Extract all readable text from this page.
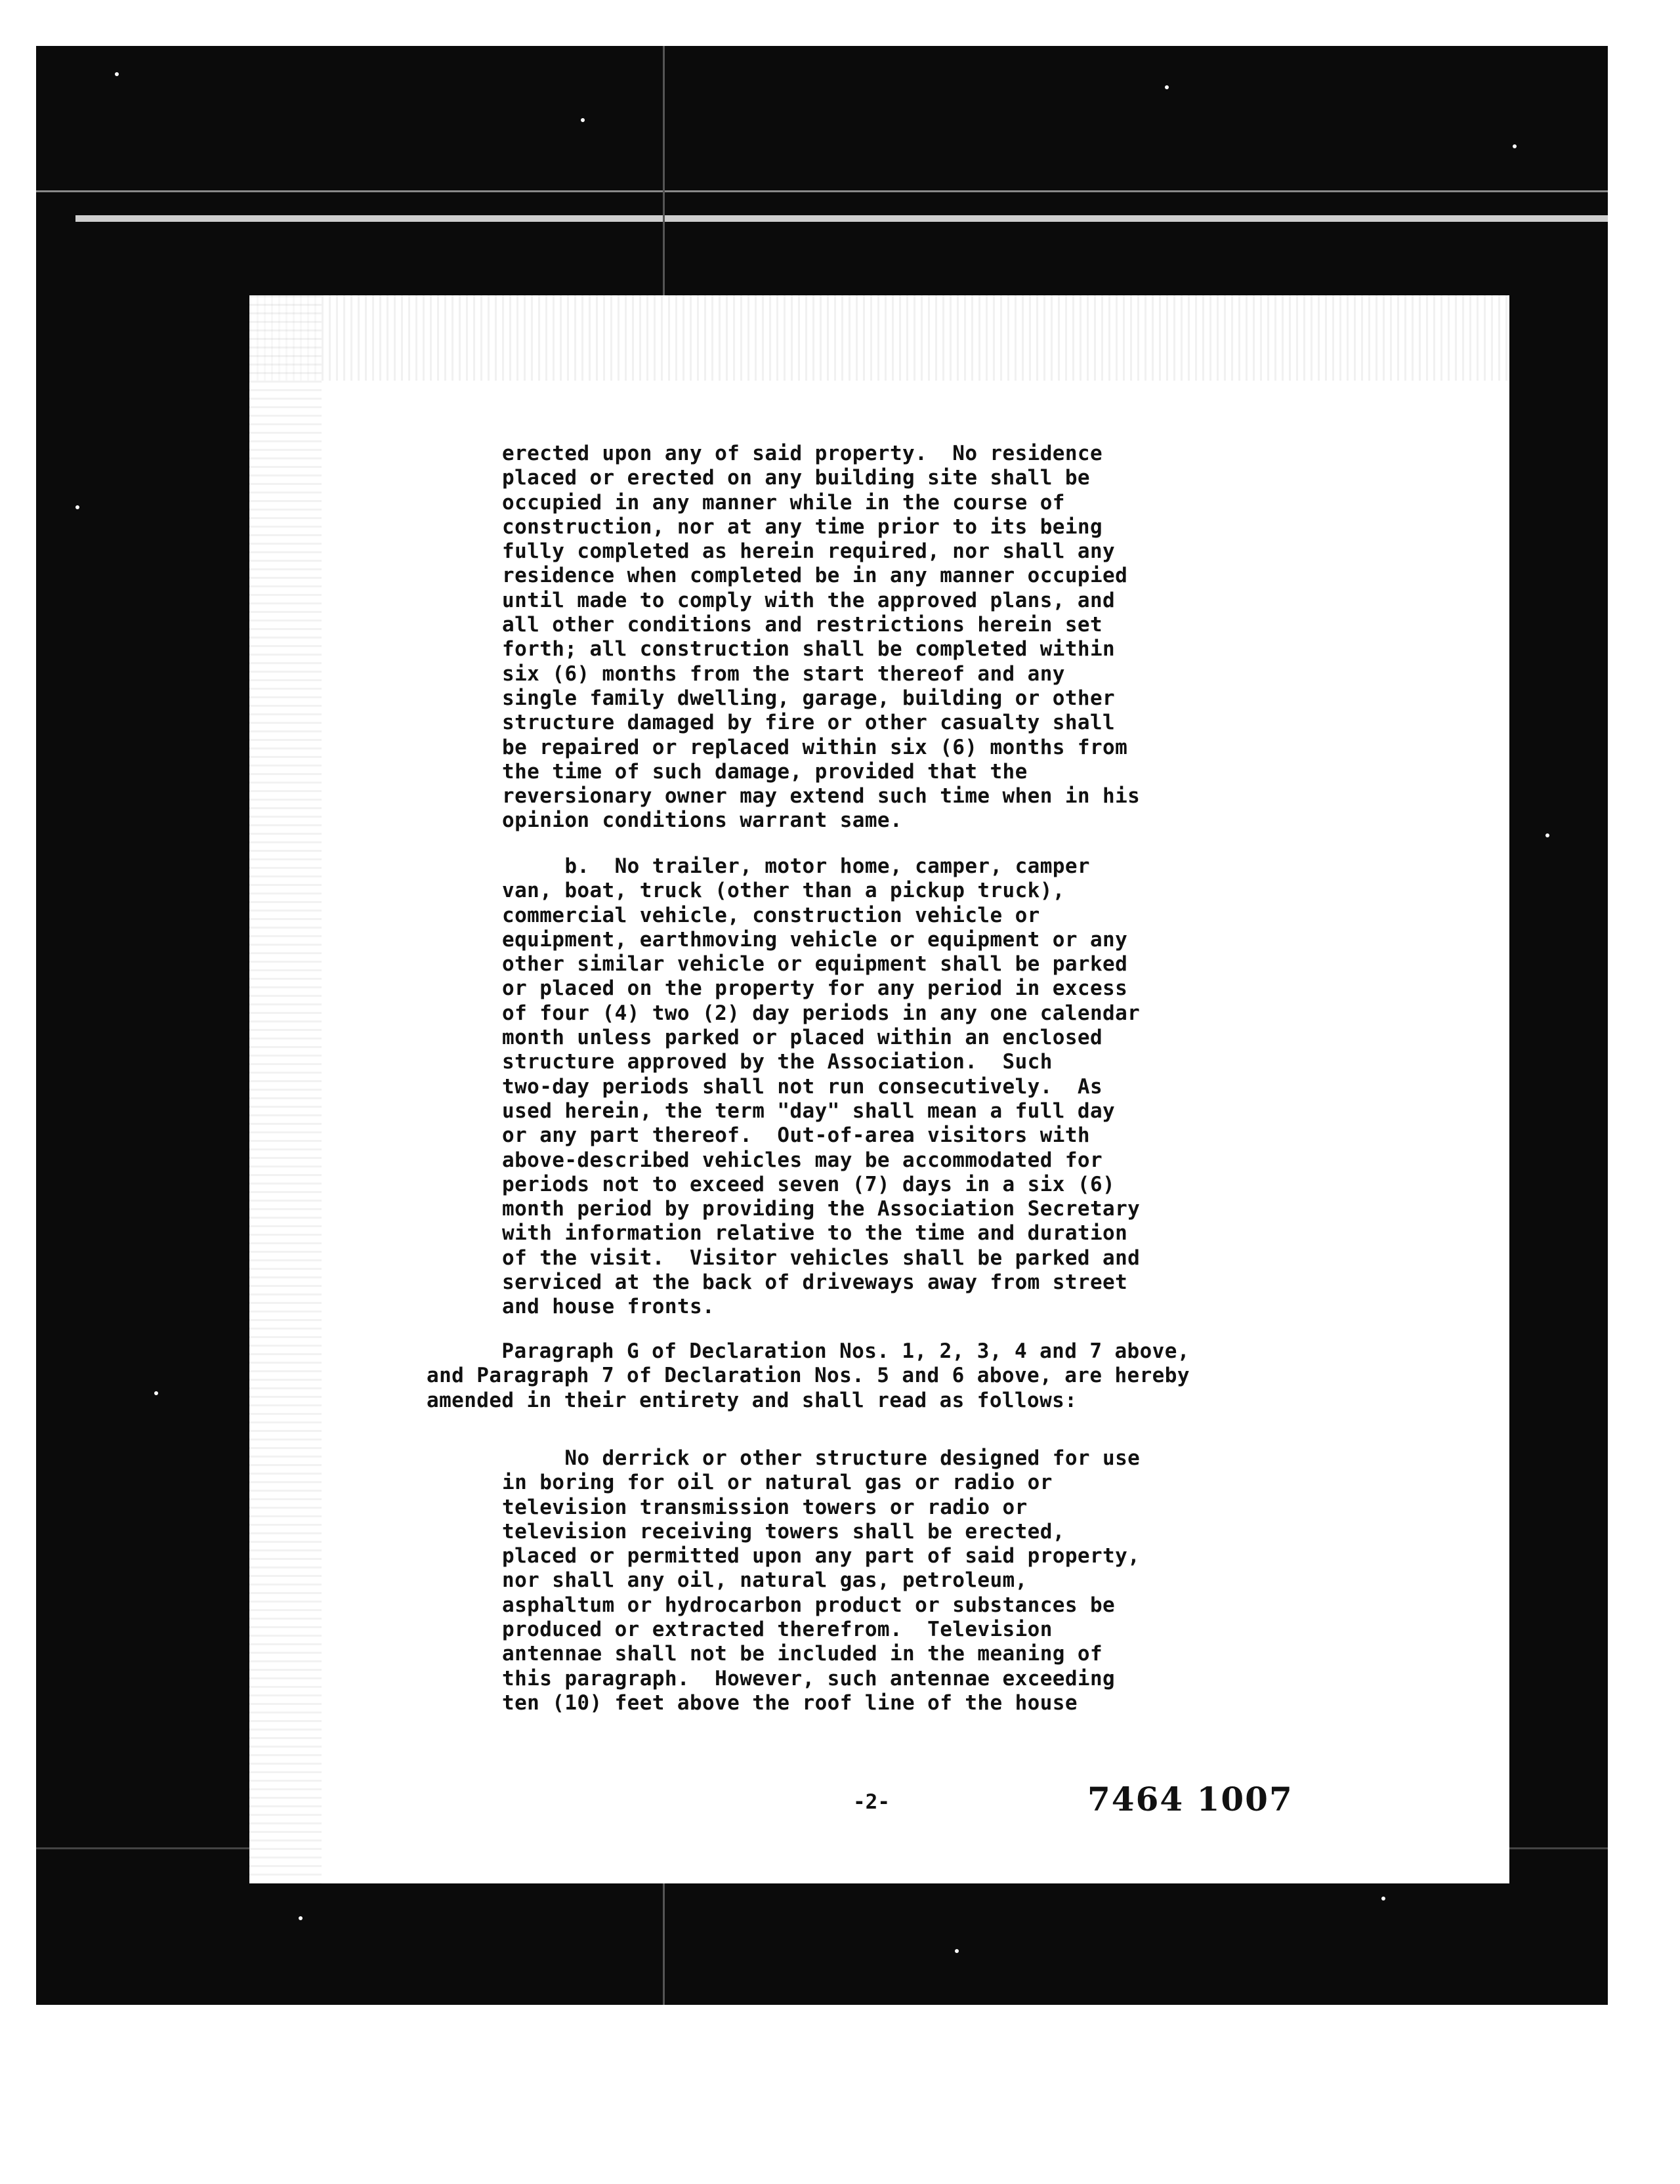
erected upon any of said property.  No residence
placed or erected on any building site shall be
occupied in any manner while in the course of
construction, nor at any time prior to its being
fully completed as herein required, nor shall any
residence when completed be in any manner occupied
until made to comply with the approved plans, and
all other conditions and restrictions herein set
forth; all construction shall be completed within
six (6) months from the start thereof and any
single family dwelling, garage, building or other
structure damaged by fire or other casualty shall
be repaired or replaced within six (6) months from
the time of such damage, provided that the
reversionary owner may extend such time when in his
opinion conditions warrant same.
b.  No trailer, motor home, camper, camper
van, boat, truck (other than a pickup truck),
commercial vehicle, construction vehicle or
equipment, earthmoving vehicle or equipment or any
other similar vehicle or equipment shall be parked
or placed on the property for any period in excess
of four (4) two (2) day periods in any one calendar
month unless parked or placed within an enclosed
structure approved by the Association.  Such
two-day periods shall not run consecutively.  As
used herein, the term "day" shall mean a full day
or any part thereof.  Out-of-area visitors with
above-described vehicles may be accommodated for
periods not to exceed seven (7) days in a six (6)
month period by providing the Association Secretary
with information relative to the time and duration
of the visit.  Visitor vehicles shall be parked and
serviced at the back of driveways away from street
and house fronts.
Paragraph G of Declaration Nos. 1, 2, 3, 4 and 7 above,
and Paragraph 7 of Declaration Nos. 5 and 6 above, are hereby
amended in their entirety and shall read as follows:
No derrick or other structure designed for use
in boring for oil or natural gas or radio or
television transmission towers or radio or
television receiving towers shall be erected,
placed or permitted upon any part of said property,
nor shall any oil, natural gas, petroleum,
asphaltum or hydrocarbon product or substances be
produced or extracted therefrom.  Television
antennae shall not be included in the meaning of
this paragraph.  However, such antennae exceeding
ten (10) feet above the roof line of the house
-2-	7464 1007
